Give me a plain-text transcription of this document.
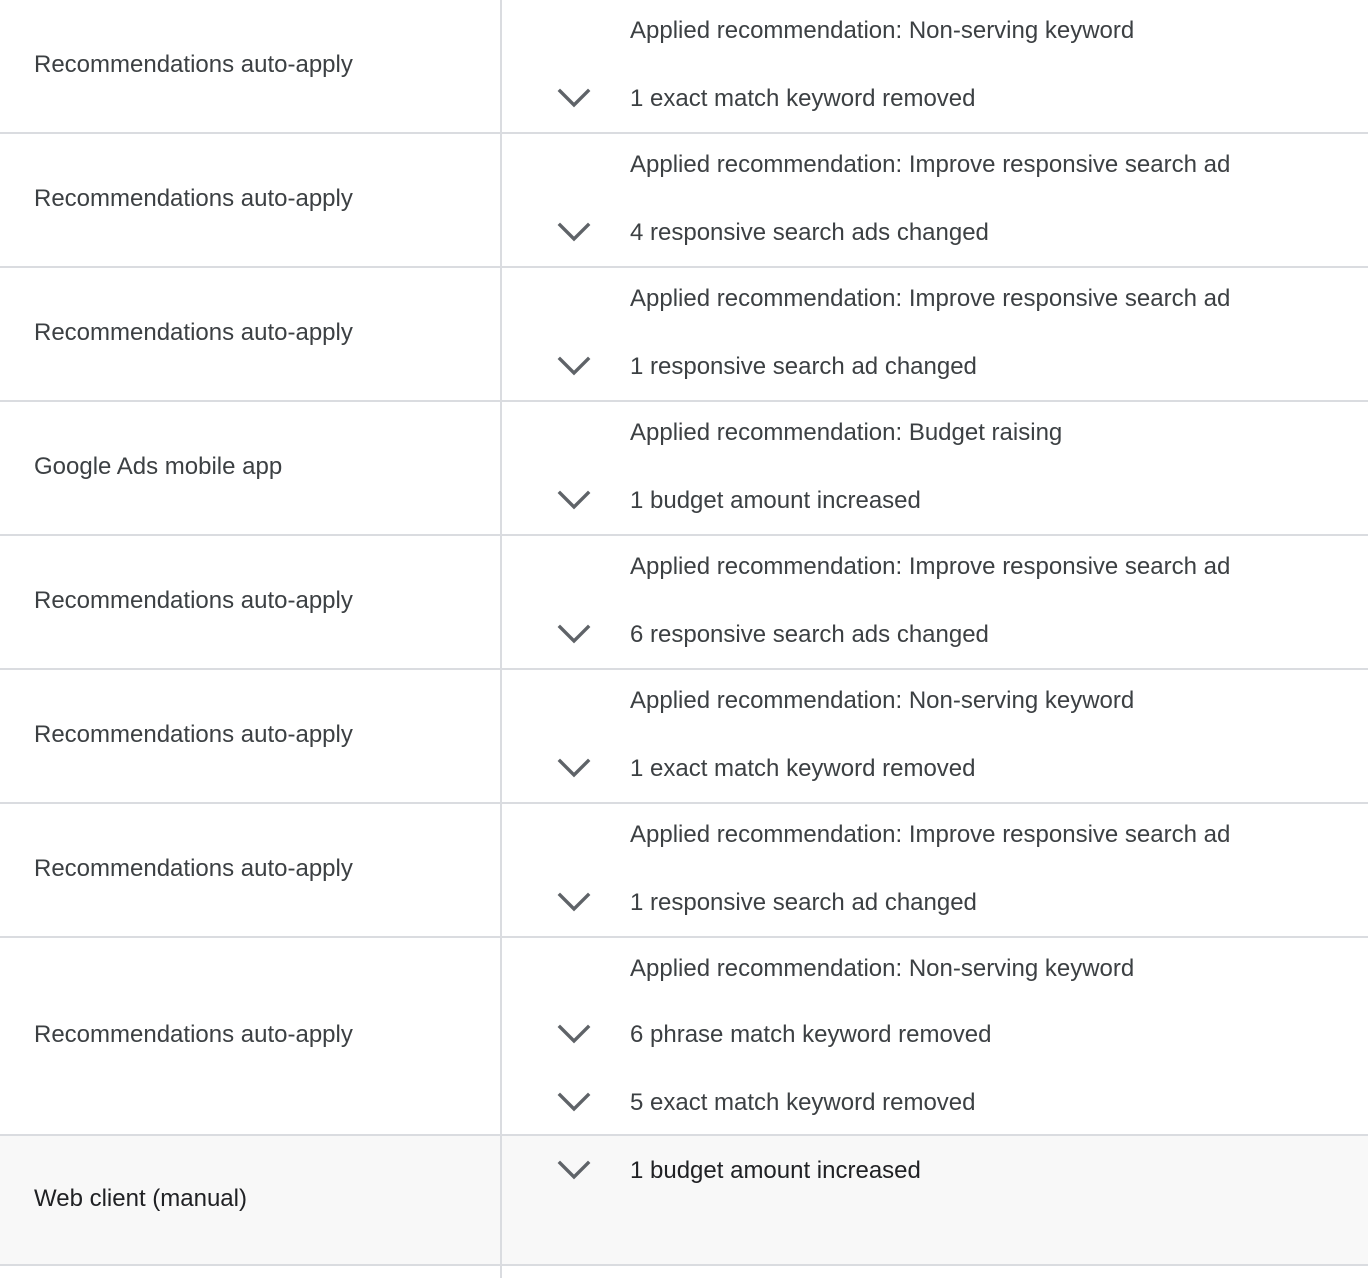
Recommendations auto-apply
Applied recommendation: Non-serving keyword
1 exact match keyword removed
Recommendations auto-apply
Applied recommendation: Improve responsive search ad
4 responsive search ads changed
Recommendations auto-apply
Applied recommendation: Improve responsive search ad
1 responsive search ad changed
Google Ads mobile app
Applied recommendation: Budget raising
1 budget amount increased
Recommendations auto-apply
Applied recommendation: Improve responsive search ad
6 responsive search ads changed
Recommendations auto-apply
Applied recommendation: Non-serving keyword
1 exact match keyword removed
Recommendations auto-apply
Applied recommendation: Improve responsive search ad
1 responsive search ad changed
Recommendations auto-apply
Applied recommendation: Non-serving keyword
6 phrase match keyword removed
5 exact match keyword removed
Web client (manual)
1 budget amount increased
